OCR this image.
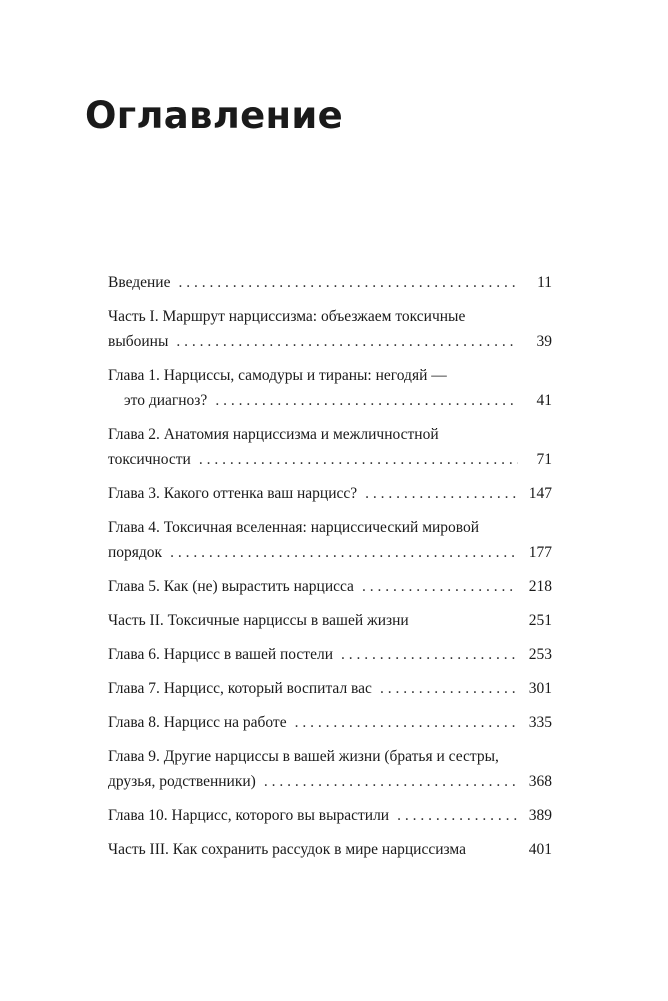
Оглавление
Введение . . .	11
Часть I. Маршрут нарциссизма: объезжаем токсичные
выбоины . . .	39
Глава 1. Нарциссы, самодуры и тираны: негодяй —
это диагноз? . . .	41
Глава 2. Анатомия нарциссизма и межличностной
токсичности . . .	71
Глава 3. Какого оттенка ваш нарцисс? . . .	147
Глава 4. Токсичная вселенная: нарциссический мировой
порядок . . .	177
Глава 5. Как (не) вырастить нарцисса . . .	218
Часть II. Токсичные нарциссы в вашей жизни	251
Глава 6. Нарцисс в вашей постели . . .	253
Глава 7. Нарцисс, который воспитал вас . . .	301
Глава 8. Нарцисс на работе . . .	335
Глава 9. Другие нарциссы в вашей жизни (братья и сестры,
друзья, родственники) . . .	368
Глава 10. Нарцисс, которого вы вырастили . . .	389
Часть III. Как сохранить рассудок в мире нарциссизма	401
